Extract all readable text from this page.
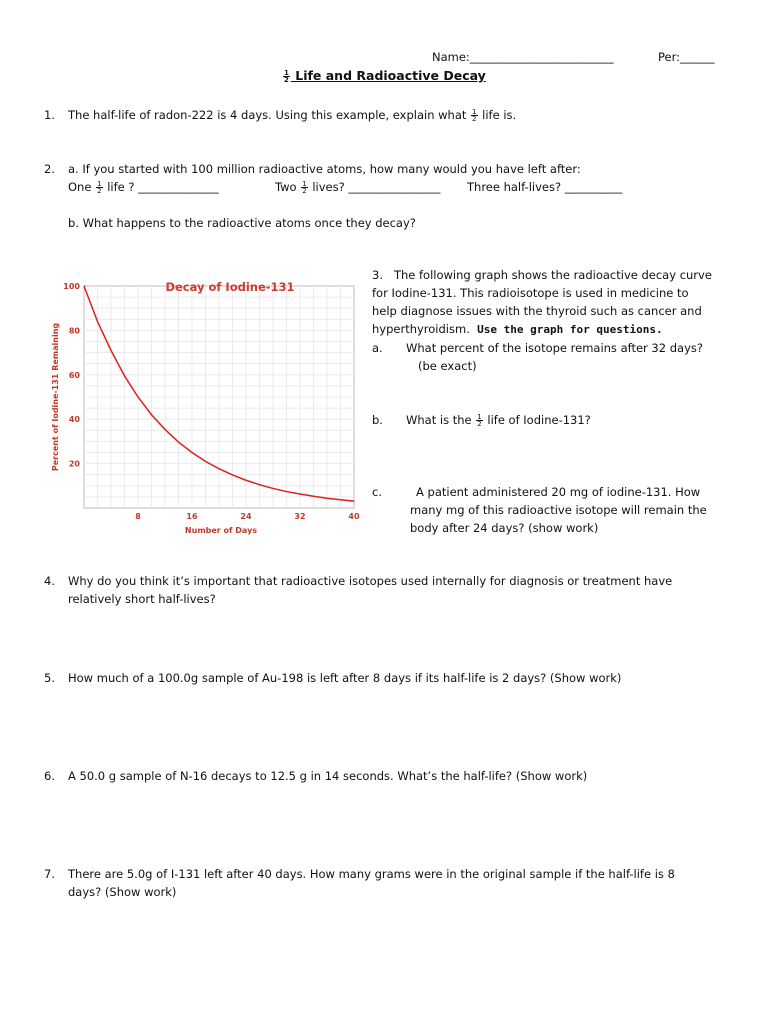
Name:_________________________	Per:______
$\frac{1}{2}$ Life and Radioactive Decay
1. The half-life of radon-222 is 4 days. Using this example, explain what $\frac{1}{2}$ life is.
2. a. If you started with 100 million radioactive atoms, how many would you have left after:
One $\frac{1}{2}$ life ? ______________	Two $\frac{1}{2}$ lives? ________________ Three half-lives? __________
b. What happens to the radioactive atoms once they decay?
8	16	24	32	40
20
40
60
80
100	Decay of Iodine-131
Number of Days
Percent of Iodine-131 Remaining
3. The following graph shows the radioactive decay curve
for Iodine-131. This radioisotope is used in medicine to
help diagnose issues with the thyroid such as cancer and
hyperthyroidism. Use the graph for questions.
a. What percent of the isotope remains after 32 days?
(be exact)
b. What is the $\frac{1}{2}$ life of Iodine-131?
c.	A patient administered 20 mg of iodine-131. How
many mg of this radioactive isotope will remain the
body after 24 days? (show work)
4. Why do you think it’s important that radioactive isotopes used internally for diagnosis or treatment have
relatively short half-lives?
5. How much of a 100.0g sample of Au-198 is left after 8 days if its half-life is 2 days? (Show work)
6. A 50.0 g sample of N-16 decays to 12.5 g in 14 seconds. What’s the half-life? (Show work)
7. There are 5.0g of I-131 left after 40 days. How many grams were in the original sample if the half-life is 8
days? (Show work)
